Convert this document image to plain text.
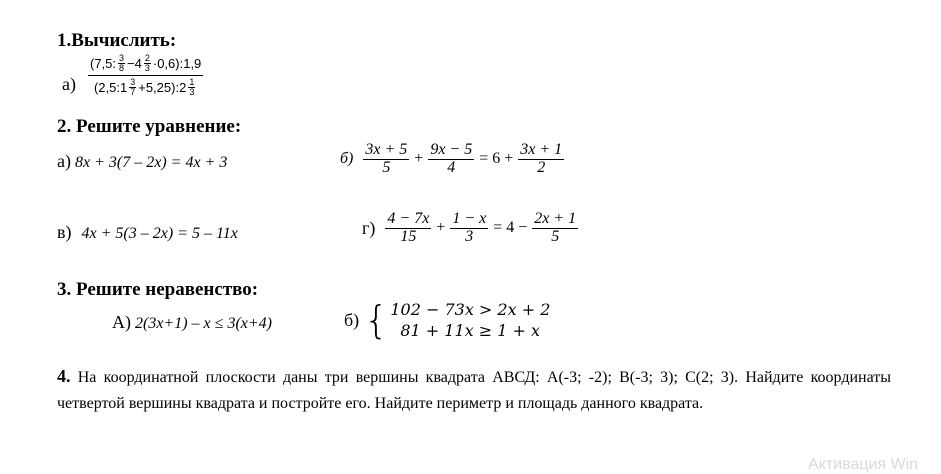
1.Вычислить:
$а) \frac{(7,5: \frac{3}{8} -4 \frac{2}{3} \cdot 0,6):1,9}{(2,5:1 \frac{3}{7} +5,25):2 \frac{1}{3}}$
2. Решите уравнение:
а) 8x + 3(7 – 2x) = 4x + 3	$б) \frac{3x + 5}{5} + \frac{9x - 5}{4} = 6 + \frac{3x + 1}{2}$
в) 4x + 5(3 – 2x) = 5 – 11x	$г) \frac{4 - 7x}{15} + \frac{1 - x}{3} = 4 - \frac{2x + 1}{5}$
3. Решите неравенство:
А) 2(3x+1) – x ≤ 3(x+4)	б) { 102 − 73x > 2x + 2
81 + 11x ≥ 1 + x
4. На координатной плоскости даны три вершины квадрата АВСД: А(-3; -2); В(-3; 3); С(2; 3). Найдите координаты четвертой вершины квадрата и постройте его. Найдите периметр и площадь данного квадрата.
Активация Win
